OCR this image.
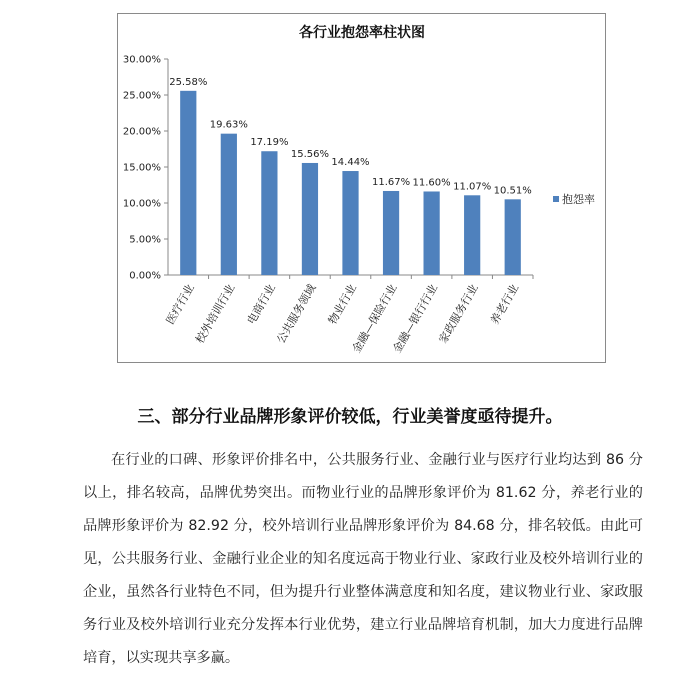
各行业抱怨率柱状图
0.00%
5.00%
10.00%
15.00%
20.00%
25.00%
30.00%
25.58%
19.63%
17.19%
15.56%
14.44%
11.67% 11.60% 11.07% 10.51%
医疗行业
校外培训行业 电商行业
公共服务领域 物业行业
金融—保险行业
金融—银行行业
家政服务行业 养老行业
抱怨率
三、部分行业品牌形象评价较低，行业美誉度亟待提升。

在行业的口碑、形象评价排名中，公共服务行业、金融行业与医疗行业均达到 86 分以上，排名较高，品牌优势突出。而物业行业的品牌形象评价为 81.62 分，养老行业的品牌形象评价为 82.92 分，校外培训行业品牌形象评价为 84.68 分，排名较低。由此可见，公共服务行业、金融行业企业的知名度远高于物业行业、家政行业及校外培训行业的企业，虽然各行业特色不同，但为提升行业整体满意度和知名度，建议物业行业、家政服务行业及校外培训行业充分发挥本行业优势，建立行业品牌培育机制，加大力度进行品牌培育，以实现共享多赢。
